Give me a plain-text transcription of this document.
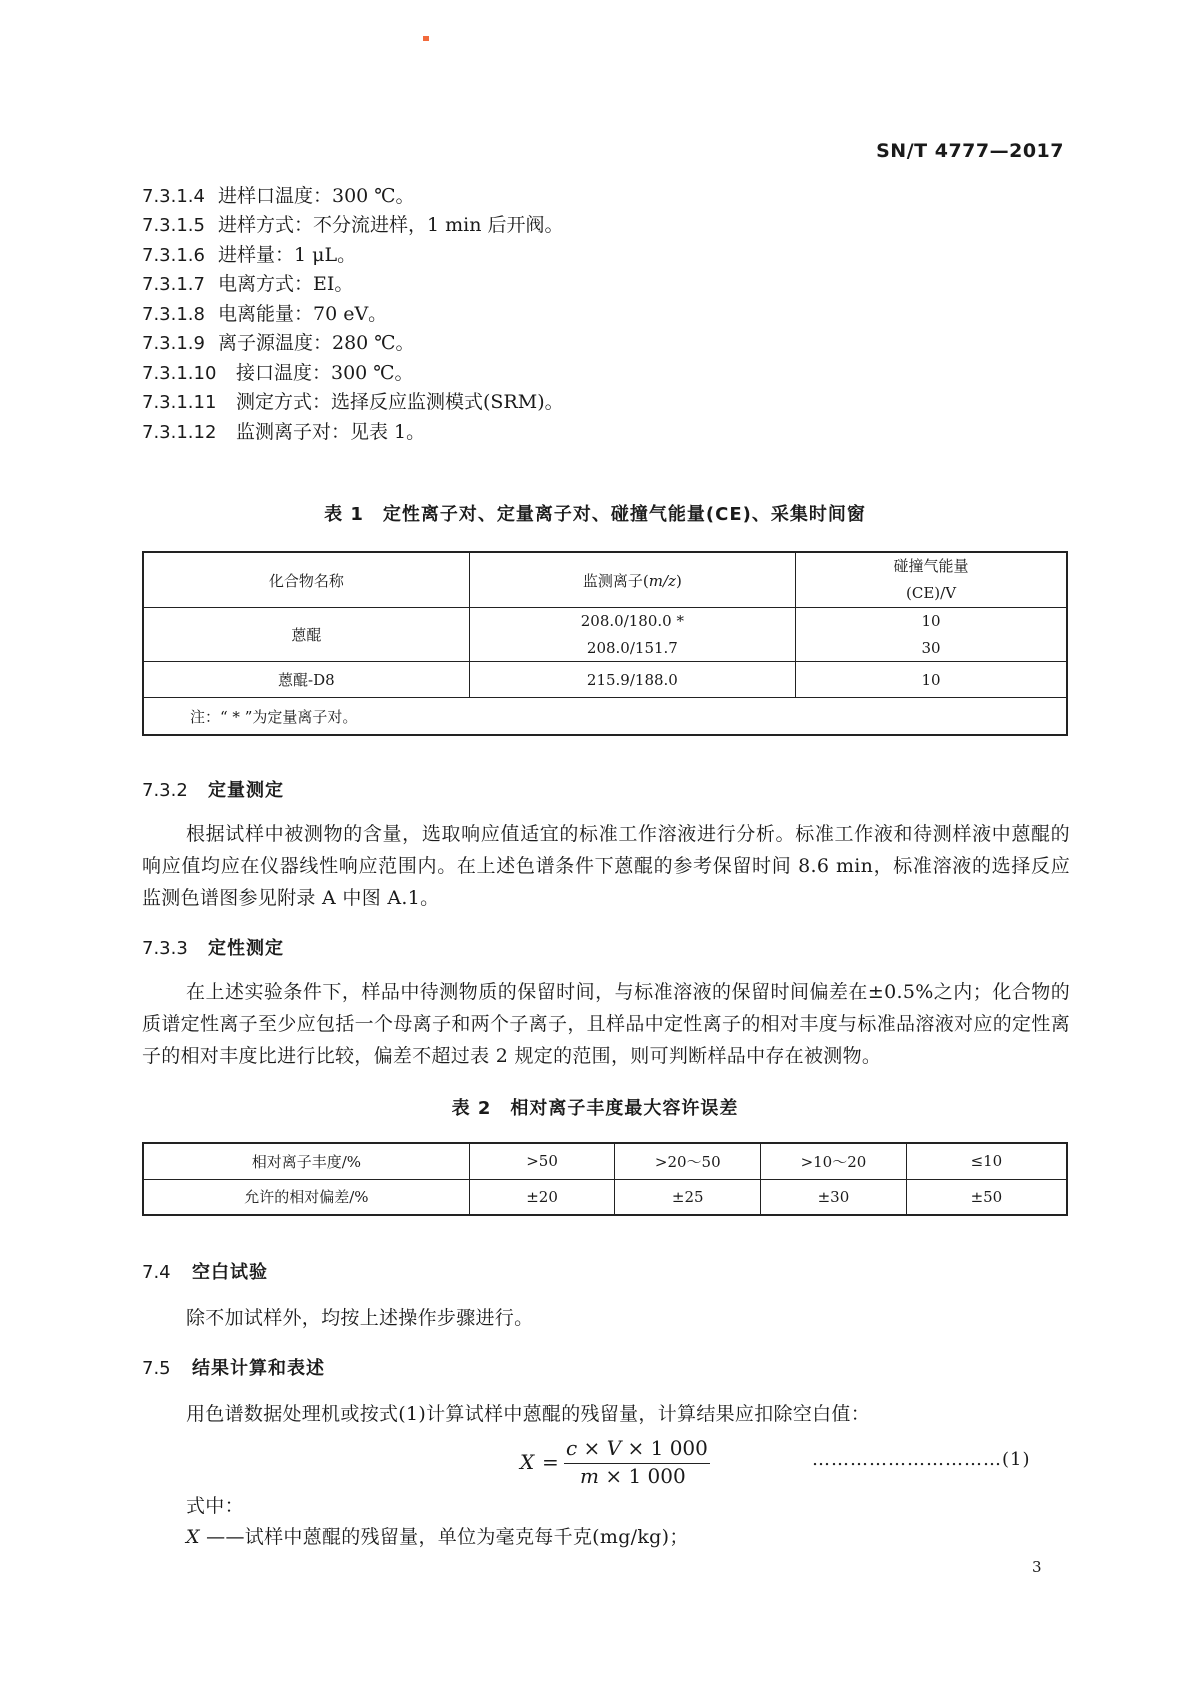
SN/T 4777—2017
7.3.1.4 进样口温度：300 ℃。
7.3.1.5 进样方式：不分流进样，1 min 后开阀。
7.3.1.6 进样量：1 μL。
7.3.1.7 电离方式：EI。
7.3.1.8 电离能量：70 eV。
7.3.1.9 离子源温度：280 ℃。
7.3.1.10 接口温度：300 ℃。
7.3.1.11 测定方式：选择反应监测模式(SRM)。
7.3.1.12 监测离子对：见表 1。
表 1　定性离子对、定量离子对、碰撞气能量(CE)、采集时间窗
化合物名称	监测离子(m/z)	碰撞气能量
(CE)/V

蒽醌	208.0/180.0 *	10
	208.0/151.7	30
蒽醌-D8	215.9/188.0	10
注：“ * ”为定量离子对。		
7.3.2 定量测定
根据试样中被测物的含量，选取响应值适宜的标准工作溶液进行分析。标准工作液和待测样液中蒽醌的响应值均应在仪器线性响应范围内。在上述色谱条件下蒽醌的参考保留时间 8.6 min，标准溶液的选择反应监测色谱图参见附录 A 中图 A.1。
7.3.3 定性测定
在上述实验条件下，样品中待测物质的保留时间，与标准溶液的保留时间偏差在±0.5%之内；化合物的质谱定性离子至少应包括一个母离子和两个子离子，且样品中定性离子的相对丰度与标准品溶液对应的定性离子的相对丰度比进行比较，偏差不超过表 2 规定的范围，则可判断样品中存在被测物。
表 2　相对离子丰度最大容许误差
相对离子丰度/%	>50	>20～50	>10～20	≤10
允许的相对偏差/%	±20	±25	±30	±50
7.4 空白试验
除不加试样外，均按上述操作步骤进行。
7.5 结果计算和表述
用色谱数据处理机或按式(1)计算试样中蒽醌的残留量，计算结果应扣除空白值：
X =
c × V × 1 000
m × 1 000
…………………………(1)
式中：
X ——试样中蒽醌的残留量，单位为毫克每千克(mg/kg)；
3
